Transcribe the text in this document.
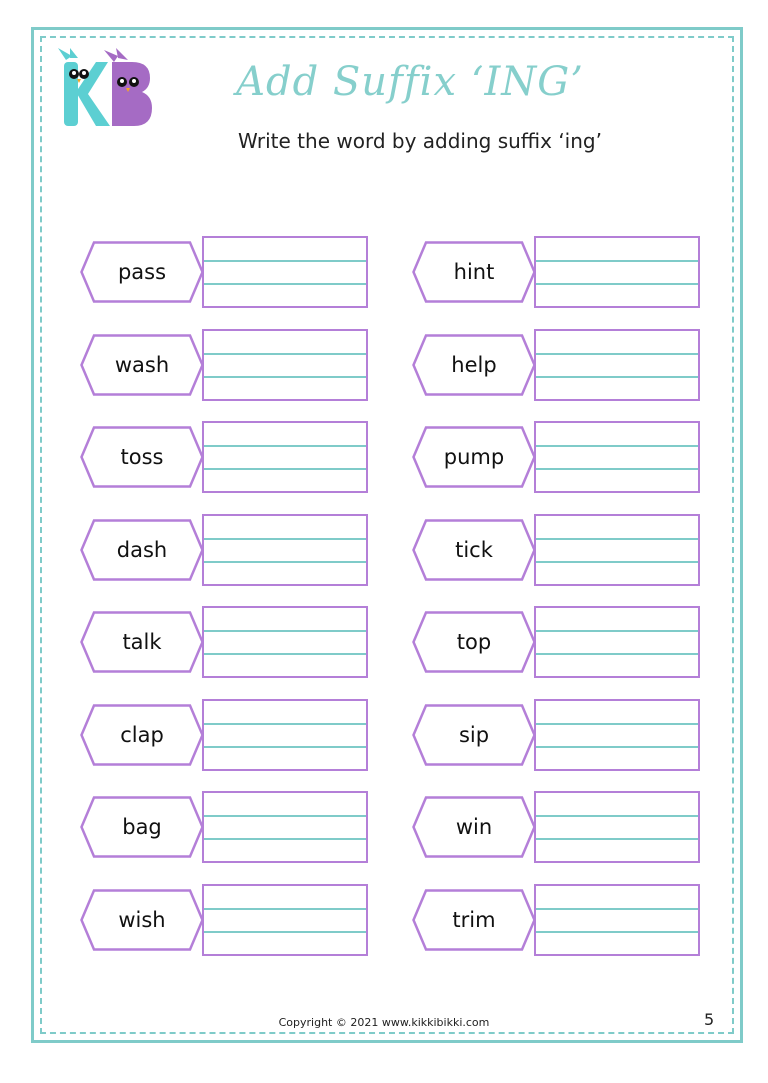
Add Suffix ‘ING’
Write the word by adding suffix ‘ing’
pass
wash
toss
dash
talk
clap
bag
wish
hint
help
pump
tick
top
sip
win
trim
Copyright © 2021 www.kikkibikki.com	5
